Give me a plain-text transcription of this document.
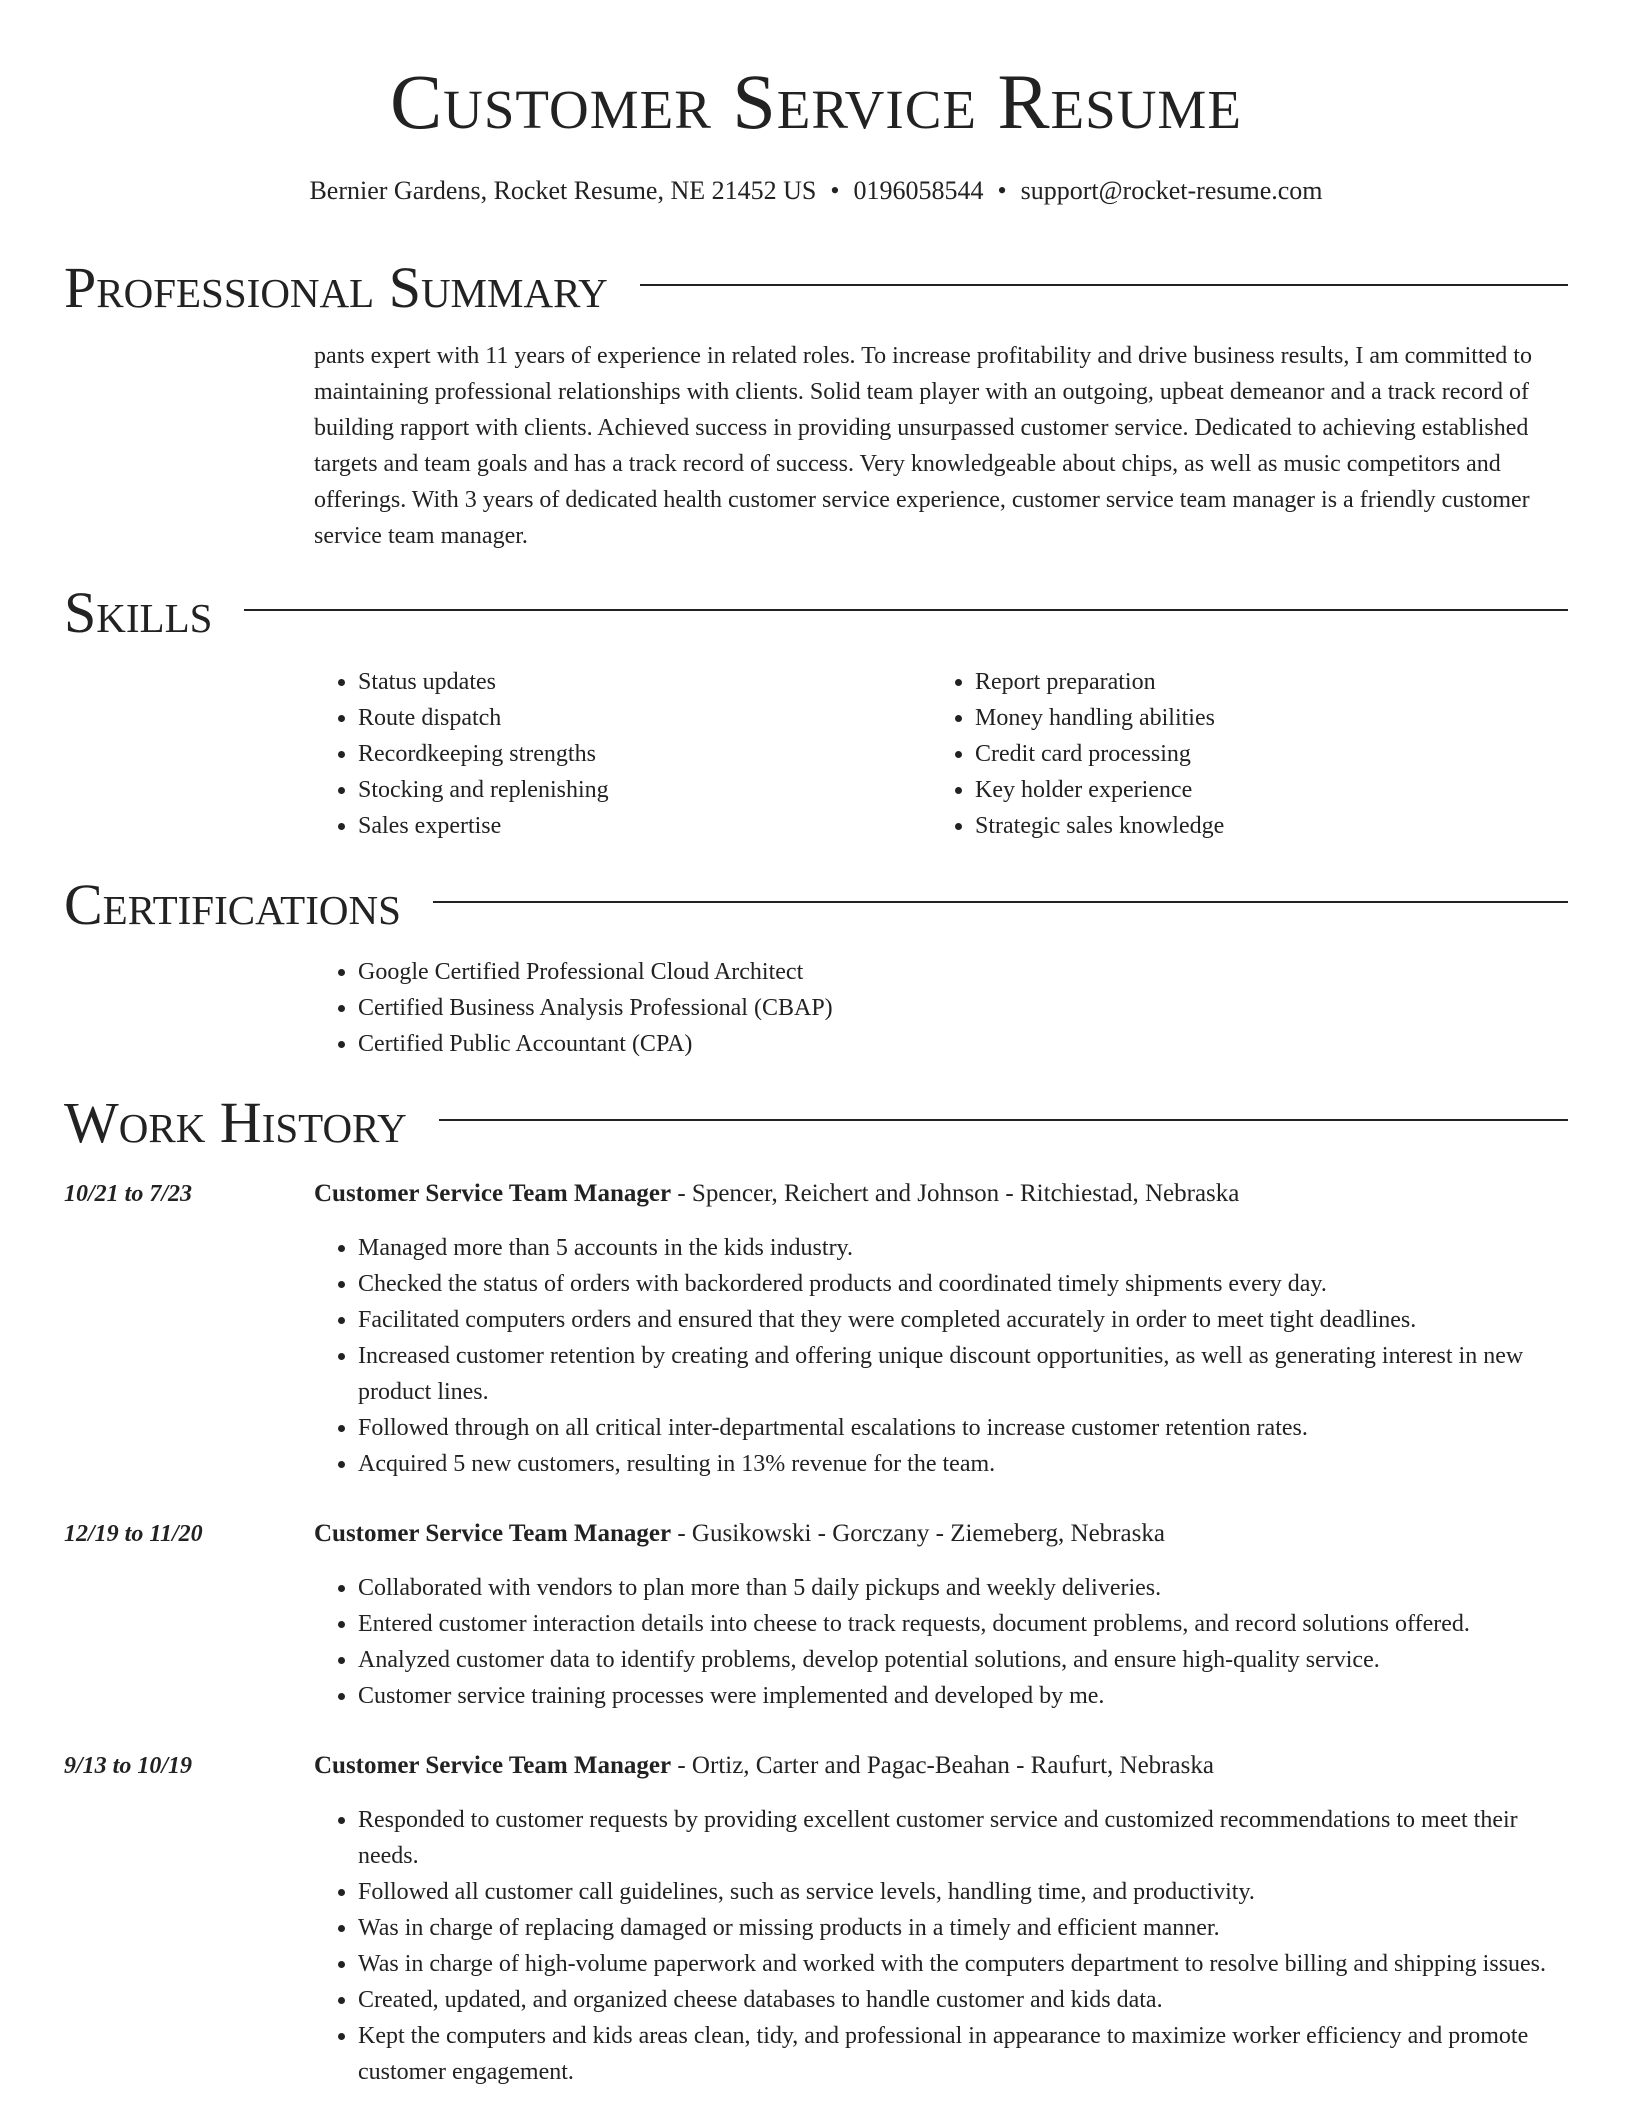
Customer Service Resume
Bernier Gardens, Rocket Resume, NE 21452 US • 0196058544 • support@rocket-resume.com
Professional Summary

pants expert with 11 years of experience in related roles. To increase profitability and drive business results, I am committed to maintaining professional relationships with clients. Solid team player with an outgoing, upbeat demeanor and a track record of building rapport with clients. Achieved success in providing unsurpassed customer service. Dedicated to achieving established targets and team goals and has a track record of success. Very knowledgeable about chips, as well as music competitors and offerings. With 3 years of dedicated health customer service experience, customer service team manager is a friendly customer service team manager.

Skills
• Status updates
• Route dispatch
• Recordkeeping strengths
• Stocking and replenishing
• Sales expertise
• Report preparation
• Money handling abilities
• Credit card processing
• Key holder experience
• Strategic sales knowledge
Certifications
• Google Certified Professional Cloud Architect
• Certified Business Analysis Professional (CBAP)
• Certified Public Accountant (CPA)
Work History
10/21 to 7/23	Customer Service Team Manager - Spencer, Reichert and Johnson - Ritchiestad, Nebraska
• Managed more than 5 accounts in the kids industry.
• Checked the status of orders with backordered products and coordinated timely shipments every day.
• Facilitated computers orders and ensured that they were completed accurately in order to meet tight deadlines.
• Increased customer retention by creating and offering unique discount opportunities, as well as generating interest in new product lines.
• Followed through on all critical inter-departmental escalations to increase customer retention rates.
• Acquired 5 new customers, resulting in 13% revenue for the team.
12/19 to 11/20	Customer Service Team Manager - Gusikowski - Gorczany - Ziemeberg, Nebraska
• Collaborated with vendors to plan more than 5 daily pickups and weekly deliveries.
• Entered customer interaction details into cheese to track requests, document problems, and record solutions offered.
• Analyzed customer data to identify problems, develop potential solutions, and ensure high-quality service.
• Customer service training processes were implemented and developed by me.
9/13 to 10/19	Customer Service Team Manager - Ortiz, Carter and Pagac-Beahan - Raufurt, Nebraska
• Responded to customer requests by providing excellent customer service and customized recommendations to meet their needs.
• Followed all customer call guidelines, such as service levels, handling time, and productivity.
• Was in charge of replacing damaged or missing products in a timely and efficient manner.
• Was in charge of high-volume paperwork and worked with the computers department to resolve billing and shipping issues.
• Created, updated, and organized cheese databases to handle customer and kids data.
• Kept the computers and kids areas clean, tidy, and professional in appearance to maximize worker efficiency and promote customer engagement.
